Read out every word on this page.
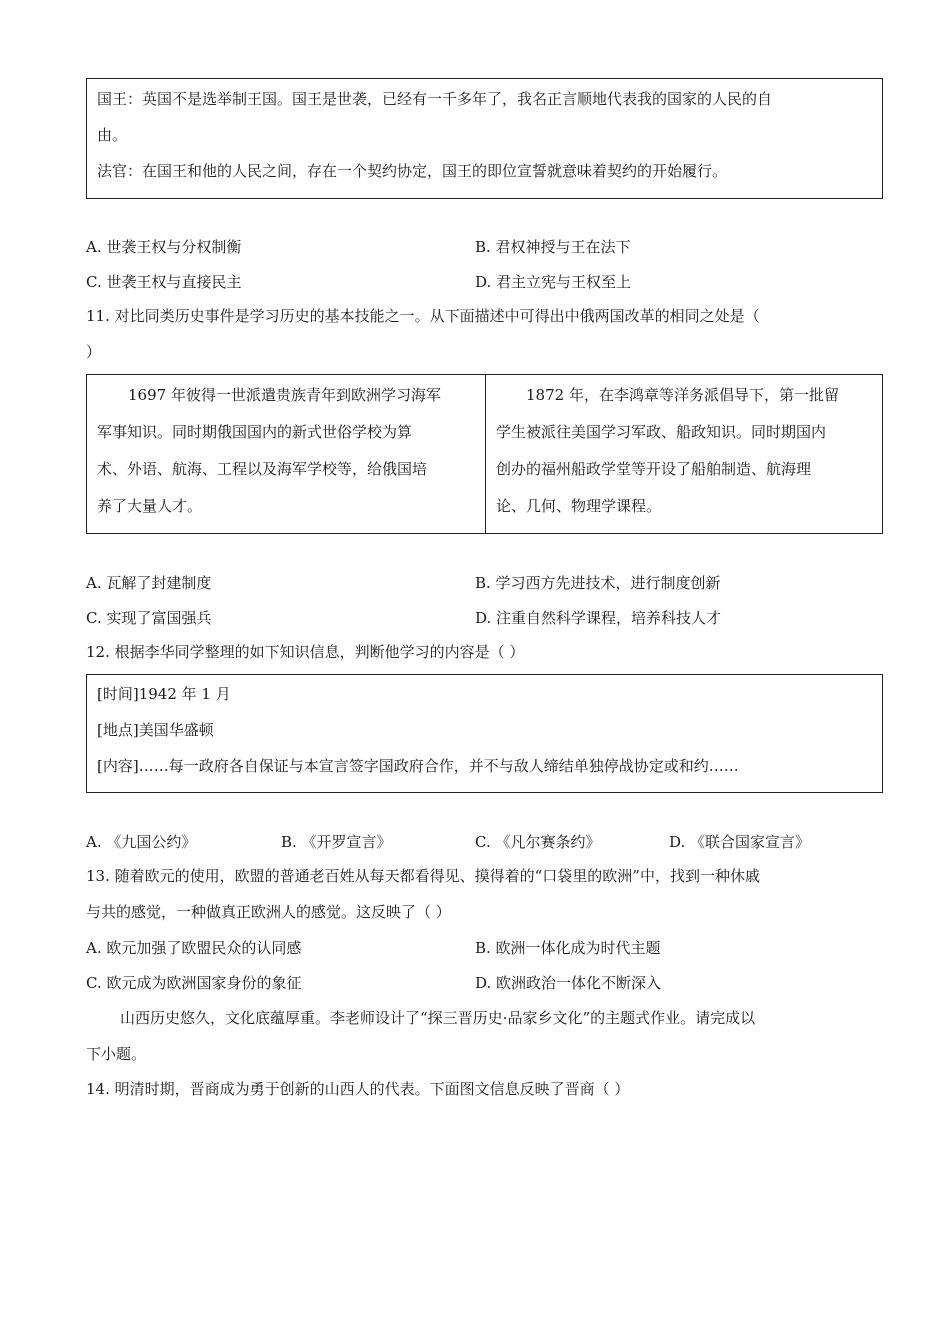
国王：英国不是选举制王国。国王是世袭，已经有一千多年了，我名正言顺地代表我的国家的人民的自
由。
法官：在国王和他的人民之间，存在一个契约协定，国王的即位宣誓就意味着契约的开始履行。
A. 世袭王权与分权制衡	B. 君权神授与王在法下
C. 世袭王权与直接民主	D. 君主立宪与王权至上
11. 对比同类历史事件是学习历史的基本技能之一。从下面描述中可得出中俄两国改革的相同之处是（
）
1697 年彼得一世派遣贵族青年到欧洲学习海军
军事知识。同时期俄国国内的新式世俗学校为算
术、外语、航海、工程以及海军学校等，给俄国培
养了大量人才。
1872 年，在李鸿章等洋务派倡导下，第一批留
学生被派往美国学习军政、船政知识。同时期国内
创办的福州船政学堂等开设了船舶制造、航海理
论、几何、物理学课程。
A. 瓦解了封建制度	B. 学习西方先进技术，进行制度创新
C. 实现了富国强兵	D. 注重自然科学课程，培养科技人才
12. 根据李华同学整理的如下知识信息，判断他学习的内容是（ ）
[时间]1942 年 1 月
[地点]美国华盛顿
[内容]……每一政府各自保证与本宣言签字国政府合作，并不与敌人缔结单独停战协定或和约……
A. 《九国公约》	B. 《开罗宣言》	C. 《凡尔赛条约》	D. 《联合国家宣言》
13. 随着欧元的使用，欧盟的普通老百姓从每天都看得见、摸得着的“口袋里的欧洲”中，找到一种休戚
与共的感觉，一种做真正欧洲人的感觉。这反映了（ ）
A. 欧元加强了欧盟民众的认同感	B. 欧洲一体化成为时代主题
C. 欧元成为欧洲国家身份的象征	D. 欧洲政治一体化不断深入
山西历史悠久，文化底蕴厚重。李老师设计了“探三晋历史·品家乡文化”的主题式作业。请完成以
下小题。
14. 明清时期，晋商成为勇于创新的山西人的代表。下面图文信息反映了晋商（ ）
